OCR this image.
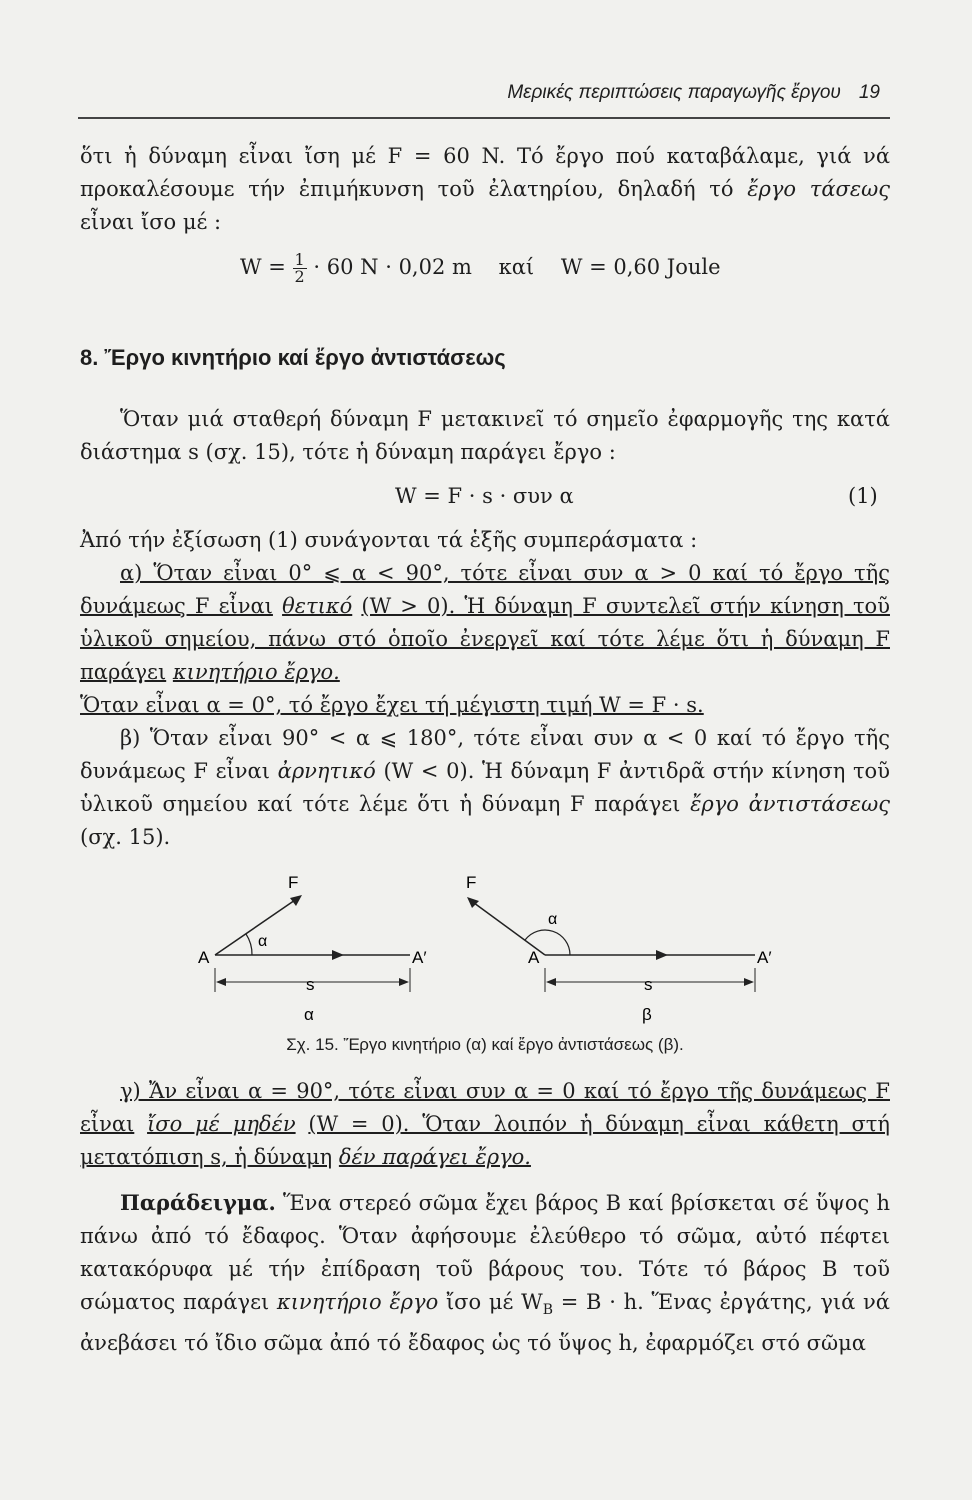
Μερικές περιπτώσεις παραγωγῆς ἔργου 19
ὅτι ἡ δύναμη εἶναι ἴση μέ F = 60 N. Τό ἔργο πού καταβάλαμε, γιά νά προκαλέσουμε τήν ἐπιμήκυνση τοῦ ἐλατηρίου, δηλαδή τό ἔργο τάσεως εἶναι ἴσο μέ :
$W = \frac{1}{2} \cdot 60$ N · 0,02 m καί W = 0,60 Joule
8. Ἔργο κινητήριο καί ἔργο ἀντιστάσεως
Ὅταν μιά σταθερή δύναμη F μετακινεῖ τό σημεῖο ἐφαρμογῆς της κατά διάστημα s (σχ. 15), τότε ἡ δύναμη παράγει ἔργο :
W = F · s · συν α	(1)
Ἀπό τήν ἐξίσωση (1) συνάγονται τά ἑξῆς συμπεράσματα :
α) Ὅταν εἶναι 0° ⩽ α < 90°, τότε εἶναι συν α > 0 καί τό ἔργο τῆς δυνάμεως F εἶναι θετικό (W > 0). Ἡ δύναμη F συντελεῖ στήν κίνηση τοῦ ὑλικοῦ σημείου, πάνω στό ὁποῖο ἐνεργεῖ καί τότε λέμε ὅτι ἡ δύναμη F παράγει κινητήριο ἔργο.
Ὅταν εἶναι α = 0°, τό ἔργο ἔχει τή μέγιστη τιμή W = F · s.
β) Ὅταν εἶναι 90° < α ⩽ 180°, τότε εἶναι συν α < 0 καί τό ἔργο τῆς δυνάμεως F εἶναι ἀρνητικό (W < 0). Ἡ δύναμη F ἀντιδρᾶ στήν κίνηση τοῦ ὑλικοῦ σημείου καί τότε λέμε ὅτι ἡ δύναμη F παράγει ἔργο ἀντιστάσεως (σχ. 15).
F
α
A	A′
s
α
F
α
A	A′
s
β
Σχ. 15. Ἔργο κινητήριο (α) καί ἔργο ἀντιστάσεως (β).
γ) Ἄν εἶναι α = 90°, τότε εἶναι συν α = 0 καί τό ἔργο τῆς δυνάμεως F εἶναι ἴσο μέ μηδέν (W = 0). Ὅταν λοιπόν ἡ δύναμη εἶναι κάθετη στή μετατόπιση s, ἡ δύναμη δέν παράγει ἔργο.
Παράδειγμα. Ἕνα στερεό σῶμα ἔχει βάρος B καί βρίσκεται σέ ὕψος h πάνω ἀπό τό ἔδαφος. Ὅταν ἀφήσουμε ἐλεύθερο τό σῶμα, αὐτό πέφτει κατακόρυφα μέ τήν ἐπίδραση τοῦ βάρους του. Τότε τό βάρος B τοῦ σώματος παράγει κινητήριο ἔργο ἴσο μέ $W_B = B \cdot h$. Ἕνας ἐργάτης, γιά νά ἀνεβάσει τό ἴδιο σῶμα ἀπό τό ἔδαφος ὡς τό ὕψος h, ἐφαρμόζει στό σῶμα
